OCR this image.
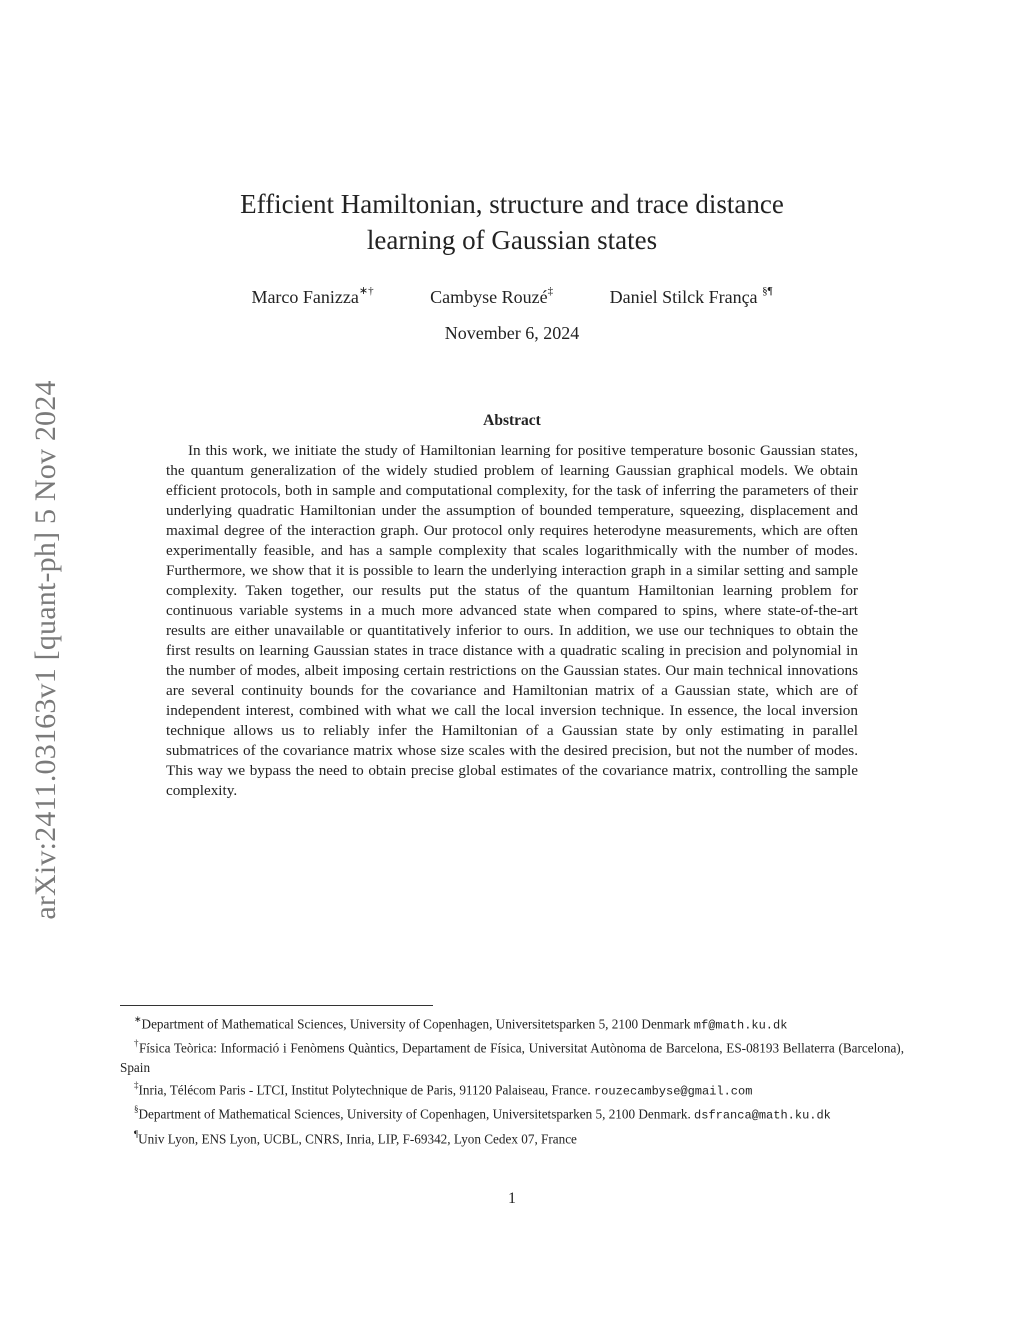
arXiv:2411.03163v1 [quant-ph] 5 Nov 2024
Efficient Hamiltonian, structure and trace distance
learning of Gaussian states
Marco Fanizza∗†	Cambyse Rouzé‡	Daniel Stilck França §¶
November 6, 2024
Abstract

In this work, we initiate the study of Hamiltonian learning for positive temperature bosonic Gaussian states, the quantum generalization of the widely studied problem of learning Gaussian graphical models. We obtain efficient protocols, both in sample and computational complexity, for the task of inferring the parameters of their underlying quadratic Hamiltonian under the assumption of bounded temperature, squeezing, displacement and maximal degree of the interaction graph. Our protocol only requires heterodyne measurements, which are often experimentally feasible, and has a sample complexity that scales logarithmically with the number of modes. Furthermore, we show that it is possible to learn the underlying interaction graph in a similar setting and sample complexity. Taken together, our results put the status of the quantum Hamiltonian learning problem for continuous variable systems in a much more advanced state when compared to spins, where state-of-the-art results are either unavailable or quantitatively inferior to ours. In addition, we use our techniques to obtain the first results on learning Gaussian states in trace distance with a quadratic scaling in precision and polynomial in the number of modes, albeit imposing certain restrictions on the Gaussian states. Our main technical innovations are several continuity bounds for the covariance and Hamiltonian matrix of a Gaussian state, which are of independent interest, combined with what we call the local inversion technique. In essence, the local inversion technique allows us to reliably infer the Hamiltonian of a Gaussian state by only estimating in parallel submatrices of the covariance matrix whose size scales with the desired precision, but not the number of modes. This way we bypass the need to obtain precise global estimates of the covariance matrix, controlling the sample complexity.

∗Department of Mathematical Sciences, University of Copenhagen, Universitetsparken 5, 2100 Denmark mf@math.ku.dk

†Física Teòrica: Informació i Fenòmens Quàntics, Departament de Física, Universitat Autònoma de Barcelona, ES-08193 Bellaterra (Barcelona), Spain

‡Inria, Télécom Paris - LTCI, Institut Polytechnique de Paris, 91120 Palaiseau, France. rouzecambyse@gmail.com

§Department of Mathematical Sciences, University of Copenhagen, Universitetsparken 5, 2100 Denmark. dsfranca@math.ku.dk

¶Univ Lyon, ENS Lyon, UCBL, CNRS, Inria, LIP, F-69342, Lyon Cedex 07, France

1
